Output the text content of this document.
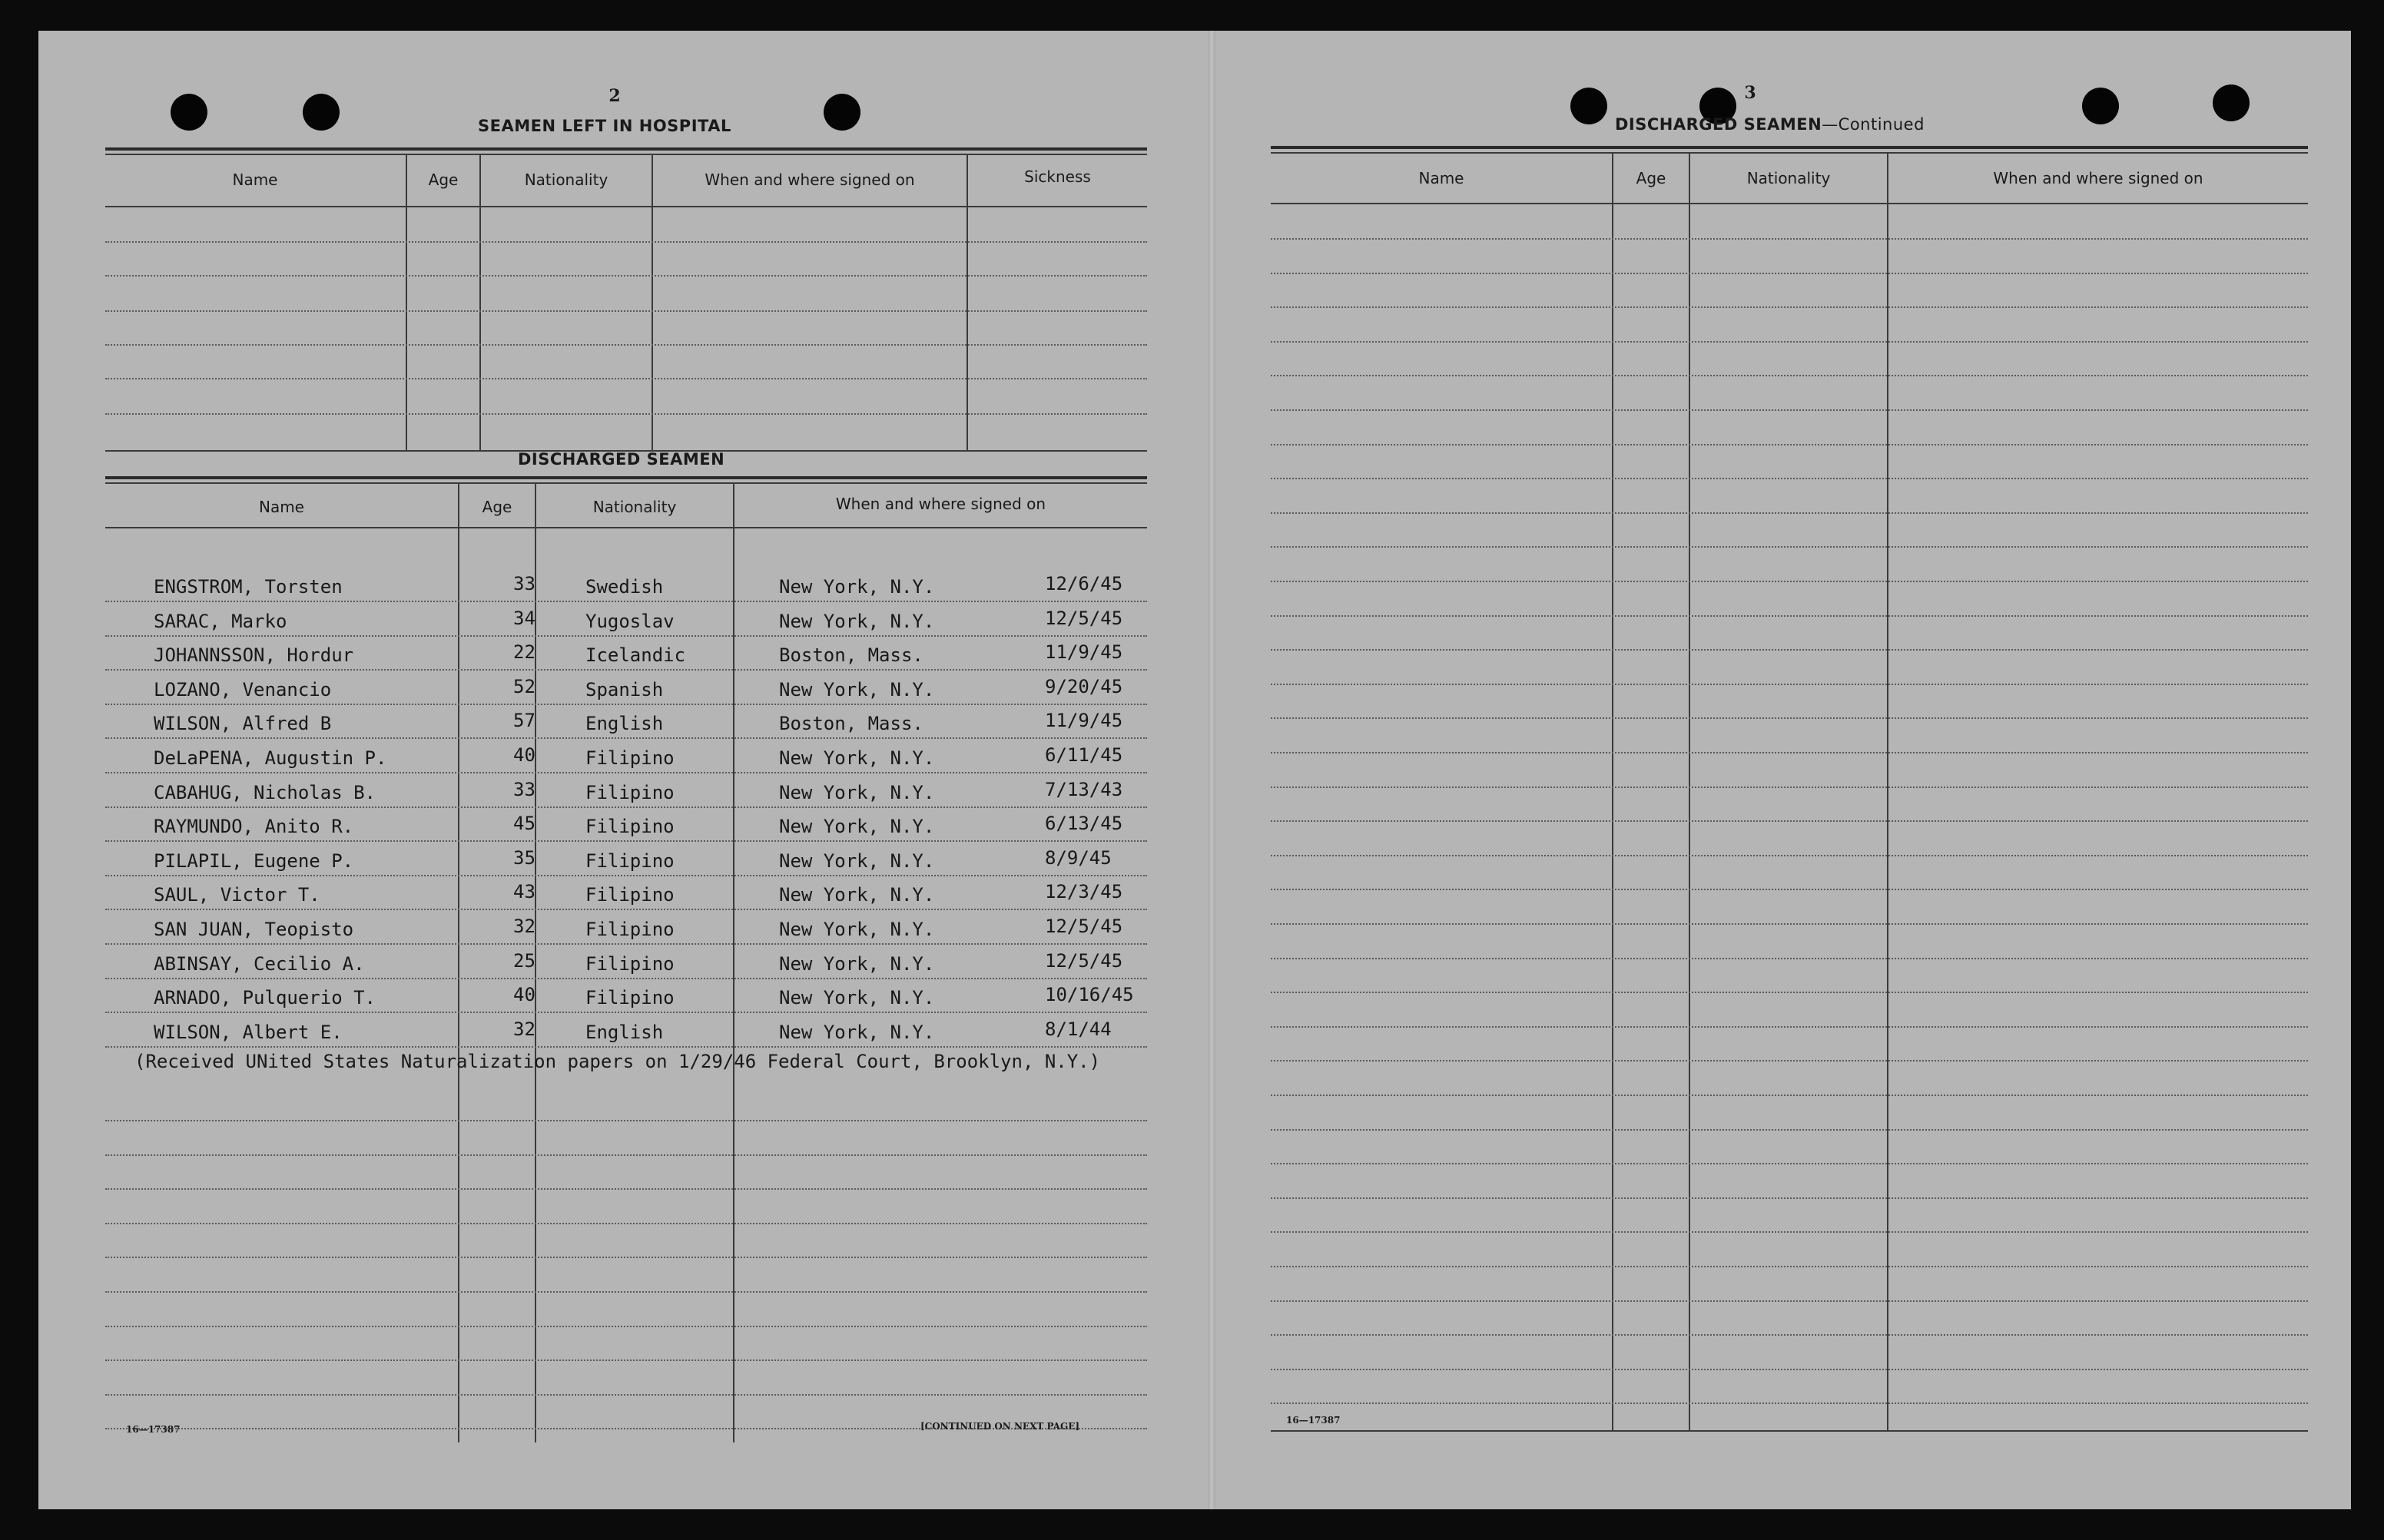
2
SEAMEN LEFT IN HOSPITAL
Name	Age	Nationality	When and where signed on	Sickness
DISCHARGED SEAMEN
Name	Age	Nationality	When and where signed on
ENGSTROM, Torsten	33	Swedish	New York, N.Y.	12/6/45
SARAC, Marko	34	Yugoslav	New York, N.Y.	12/5/45
JOHANNSSON, Hordur	22	Icelandic	Boston, Mass.	11/9/45
LOZANO, Venancio	52	Spanish	New York, N.Y.	9/20/45
WILSON, Alfred B	57	English	Boston, Mass.	11/9/45
DeLaPENA, Augustin P.	40	Filipino	New York, N.Y.	6/11/45
CABAHUG, Nicholas B.	33	Filipino	New York, N.Y.	7/13/43
RAYMUNDO, Anito R.	45	Filipino	New York, N.Y.	6/13/45
PILAPIL, Eugene P.	35	Filipino	New York, N.Y.	8/9/45
SAUL, Victor T.	43	Filipino	New York, N.Y.	12/3/45
SAN JUAN, Teopisto	32	Filipino	New York, N.Y.	12/5/45
ABINSAY, Cecilio A.	25	Filipino	New York, N.Y.	12/5/45
ARNADO, Pulquerio T.	40	Filipino	New York, N.Y.	10/16/45
WILSON, Albert E.	32	English	New York, N.Y.	8/1/44
(Received UNited States Naturalization papers on 1/29/46 Federal Court, Brooklyn, N.Y.)
16—17387	[CONTINUED ON NEXT PAGE]
3
DISCHARGED SEAMEN—Continued
Name	Age	Nationality	When and where signed on
16—17387
